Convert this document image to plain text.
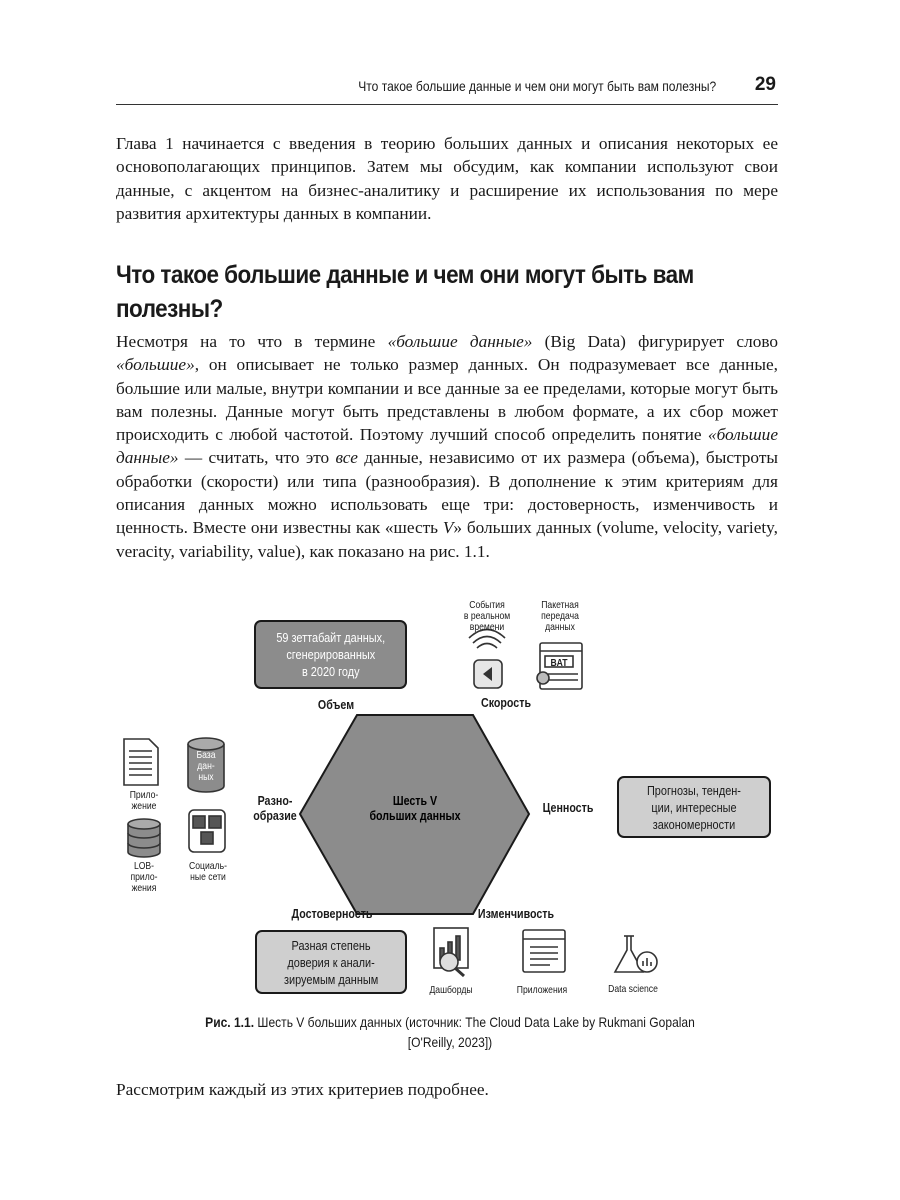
Что такое большие данные и чем они могут быть вам полезны? 29

Глава 1 начинается с введения в теорию больших данных и описания некоторых ее основополагающих принципов. Затем мы обсудим, как компании используют свои данные, с акцентом на бизнес-аналитику и расширение их использования по мере развития архитектуры данных в компании.

Что такое большие данные и чем они могут быть вам полезны?

Несмотря на то что в термине «большие данные» (Big Data) фигурирует слово «большие», он описывает не только размер данных. Он подразумевает все данные, большие или малые, внутри компании и все данные за ее пределами, которые могут быть вам полезны. Данные могут быть представлены в любом формате, а их сбор может происходить с любой частотой. Поэтому лучший способ определить понятие «большие данные» — считать, что это все данные, независимо от их размера (объема), быстроты обработки (скорости) или типа (разнообразия). В дополнение к этим критериям для описания данных можно использовать еще три: достоверность, изменчивость и ценность. Вместе они известны как «шесть V» больших данных (volume, velocity, variety, veracity, variability, value), как показано на рис. 1.1.

Шесть V
больших данных
Объем	Скорость
Разно-
образие
Ценность
Достоверность	Изменчивость
59 зеттабайт данных,
сгенерированных
в 2020 году
Прогнозы, тенден-
ции, интересные
закономерности
Разная степень
доверия к анали-
зируемым данным
События
в реальном
времени
Пакетная
передача
данных
BAT
Прило-
жение
База
дан-
ных
LOB-
прило-
жения
Социаль-
ные сети
Дашборды	Приложения	Data science
Рис. 1.1. Шесть V больших данных (источник: The Cloud Data Lake by Rukmani Gopalan [O'Reilly, 2023])

Рассмотрим каждый из этих критериев подробнее.
